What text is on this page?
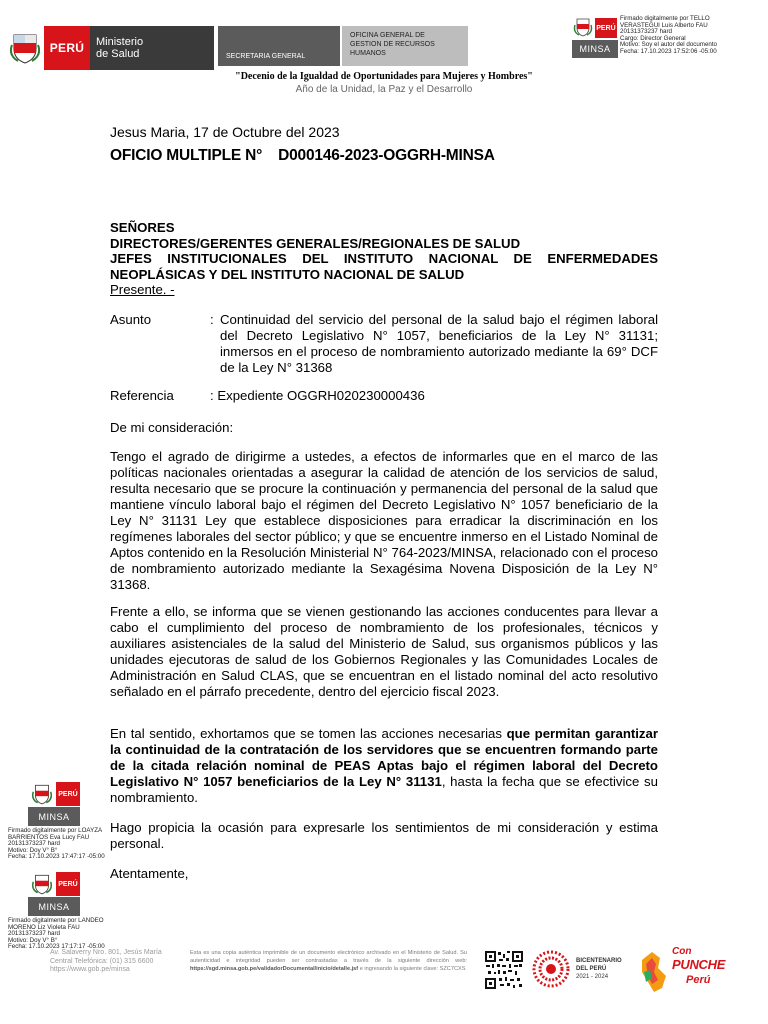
PERÚ	Ministerio
de Salud	SECRETARIA GENERAL
OFICINA GENERAL DE
GESTION DE RECURSOS
HUMANOS
PERÚ
MINSA
Firmado digitalmente por TELLO
VERASTEGUI Luis Alberto FAU
20131373237 hard
Cargo: Director General
Motivo: Soy el autor del documento
Fecha: 17.10.2023 17:52:06 -05:00
"Decenio de la Igualdad de Oportunidades para Mujeres y Hombres"
Año de la Unidad, la Paz y el Desarrollo
Jesus Maria, 17 de Octubre del 2023
OFICIO MULTIPLE N° D000146-2023-OGGRH-MINSA
SEÑORES
DIRECTORES/GERENTES GENERALES/REGIONALES DE SALUD
JEFES INSTITUCIONALES DEL INSTITUTO NACIONAL DE ENFERMEDADES
NEOPLÁSICAS Y DEL INSTITUTO NACIONAL DE SALUD
Presente. -
Asunto	: Continuidad del servicio del personal de la salud bajo el régimen laboral del Decreto Legislativo N° 1057, beneficiarios de la Ley N° 31131; inmersos en el proceso de nombramiento autorizado mediante la 69° DCF de la Ley N° 31368
Referencia	: Expediente OGGRH020230000436
De mi consideración:
Tengo el agrado de dirigirme a ustedes, a efectos de informarles que en el marco de las políticas nacionales orientadas a asegurar la calidad de atención de los servicios de salud, resulta necesario que se procure la continuación y permanencia del personal de la salud que mantiene vínculo laboral bajo el régimen del Decreto Legislativo N° 1057 beneficiario de la Ley N° 31131 Ley que establece disposiciones para erradicar la discriminación en los regímenes laborales del sector público; y que se encuentre inmerso en el Listado Nominal de Aptos contenido en la Resolución Ministerial N° 764-2023/MINSA, relacionado con el proceso de nombramiento autorizado mediante la Sexagésima Novena Disposición de la Ley N° 31368.
Frente a ello, se informa que se vienen gestionando las acciones conducentes para llevar a cabo el cumplimiento del proceso de nombramiento de los profesionales, técnicos y auxiliares asistenciales de la salud del Ministerio de Salud, sus organismos públicos y las unidades ejecutoras de salud de los Gobiernos Regionales y las Comunidades Locales de Administración en Salud CLAS, que se encuentran en el listado nominal del acto resolutivo señalado en el párrafo precedente, dentro del ejercicio fiscal 2023.
En tal sentido, exhortamos que se tomen las acciones necesarias que permitan garantizar la continuidad de la contratación de los servidores que se encuentren formando parte de la citada relación nominal de PEAS Aptas bajo el régimen laboral del Decreto Legislativo N° 1057 beneficiarios de la Ley N° 31131, hasta la fecha que se efectivice su nombramiento.
Hago propicia la ocasión para expresarle los sentimientos de mi consideración y estima personal.
Atentamente,
PERÚ
MINSA
Firmado digitalmente por LOAYZA
BARRIENTOS Eva Lucy FAU
20131373237 hard
Motivo: Doy V° B°
Fecha: 17.10.2023 17:47:17 -05:00
PERÚ
MINSA
Firmado digitalmente por LANDEO
MORENO Liz Violeta FAU
20131373237 hard
Motivo: Doy V° B°
Fecha: 17.10.2023 17:17:17 -05:00
Av. Salaverry Nro. 801, Jesús María
Central Telefónica: (01) 315 6600
https://www.gob.pe/minsa
Esta es una copia auténtica imprimible de un documento electrónico archivado en el Ministerio de Salud. Su autenticidad e integridad pueden ser contrastadas a través de la siguiente dirección web: https://sgd.minsa.gob.pe/validadorDocumental/inicio/detalle.jsf e ingresando la siguiente clave: SZC7CXS
BICENTENARIO
DEL PERÚ
2021 - 2024
Con
PUNCHE
Perú
